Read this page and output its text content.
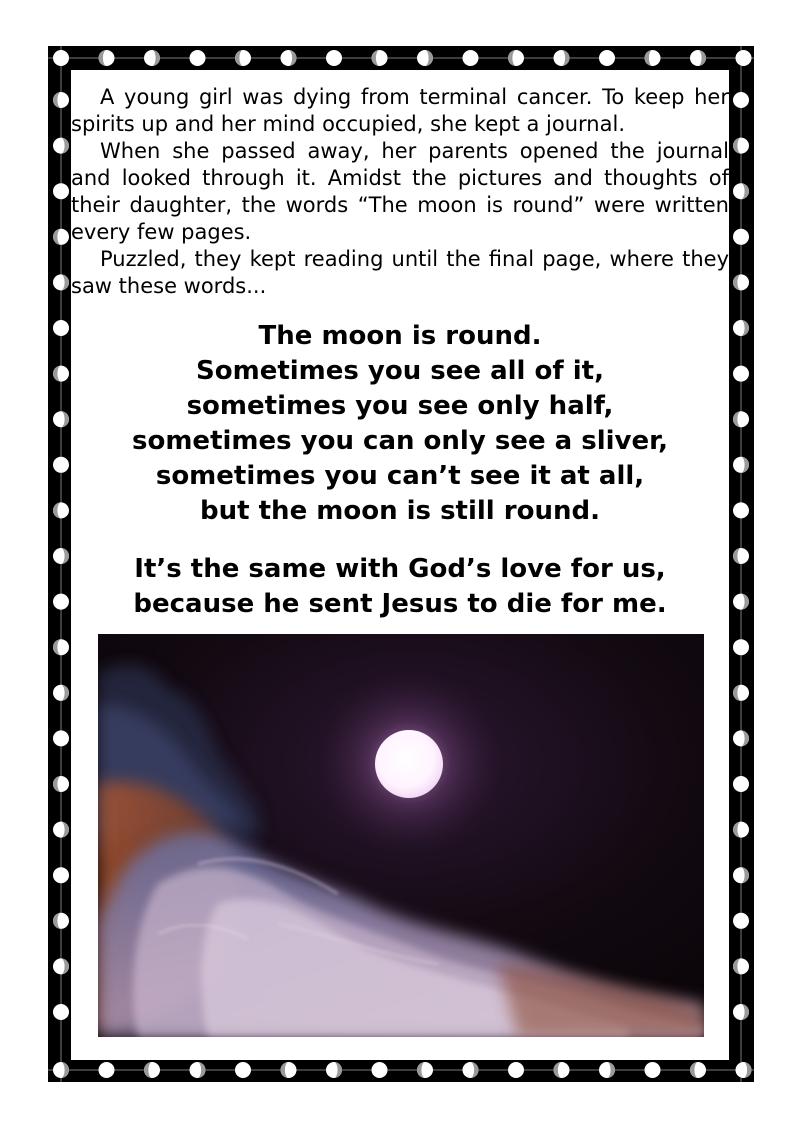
A young girl was dying from terminal cancer. To keep her spirits up and her mind occupied, she kept a journal.

When she passed away, her parents opened the journal and looked through it. Amidst the pictures and thoughts of their daughter, the words “The moon is round” were written every few pages.

Puzzled, they kept reading until the final page, where they saw these words...

The moon is round.
Sometimes you see all of it,
sometimes you see only half,
sometimes you can only see a sliver,
sometimes you can’t see it at all,
but the moon is still round.
It’s the same with God’s love for us,
because he sent Jesus to die for me.
